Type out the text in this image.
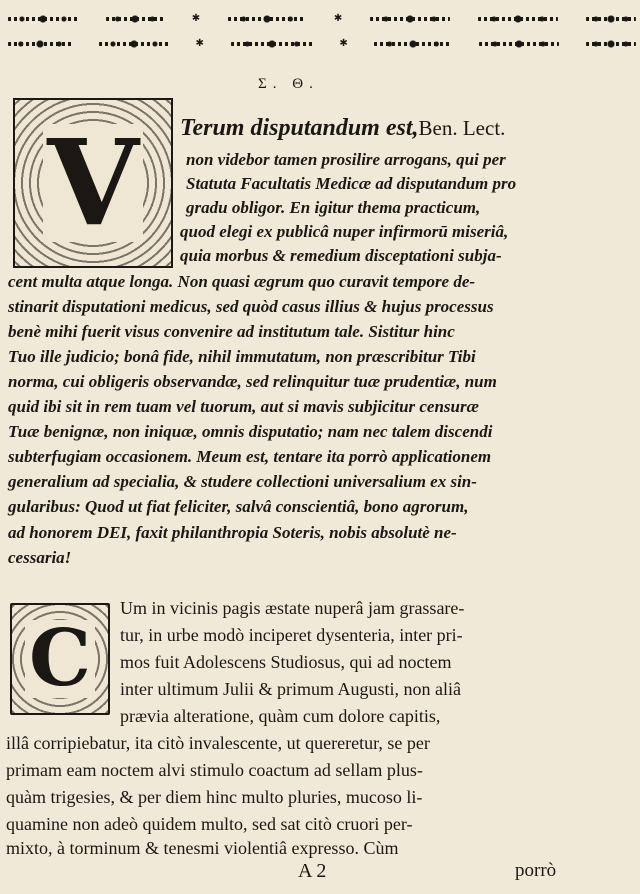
✱	✱
✱	✱
Σ. Θ.
V Terum disputandum est,Ben. Lect.
non videbor tamen prosilire arrogans, qui per
Statuta Facultatis Medicæ ad disputandum pro
gradu obligor. En igitur thema practicum,
quod elegi ex publicâ nuper infirmorū miseriâ,
quia morbus & remedium disceptationi subja-
cent multa atque longa. Non quasi ægrum quo curavit tempore de-
stinarit disputationi medicus, sed quòd casus illius & hujus processus
benè mihi fuerit visus convenire ad institutum tale. Sistitur hinc
Tuo ille judicio; bonâ fide, nihil immutatum, non præscribitur Tibi
norma, cui obligeris observandæ, sed relinquitur tuæ prudentiæ, num
quid ibi sit in rem tuam vel tuorum, aut si mavis subjicitur censuræ
Tuæ benignæ, non iniquæ, omnis disputatio; nam nec talem discendi
subterfugiam occasionem. Meum est, tentare ita porrò applicationem
generalium ad specialia, & studere collectioni universalium ex sin-
gularibus: Quod ut fiat feliciter, salvâ conscientiâ, bono agrorum,
ad honorem DEI, faxit philanthropia Soteris, nobis absolutè ne-
cessaria!
C
Um in vicinis pagis æstate nuperâ jam grassare-
tur, in urbe modò inciperet dysenteria, inter pri-
mos fuit Adolescens Studiosus, qui ad noctem
inter ultimum Julii & primum Augusti, non aliâ
prævia alteratione, quàm cum dolore capitis,
illâ corripiebatur, ita citò invalescente, ut quereretur, se per
primam eam noctem alvi stimulo coactum ad sellam plus-
quàm trigesies, & per diem hinc multo pluries, mucoso li-
quamine non adeò quidem multo, sed sat citò cruori per-
mixto, à torminum & tenesmi violentiâ expresso. Cùm
A 2	porrò
